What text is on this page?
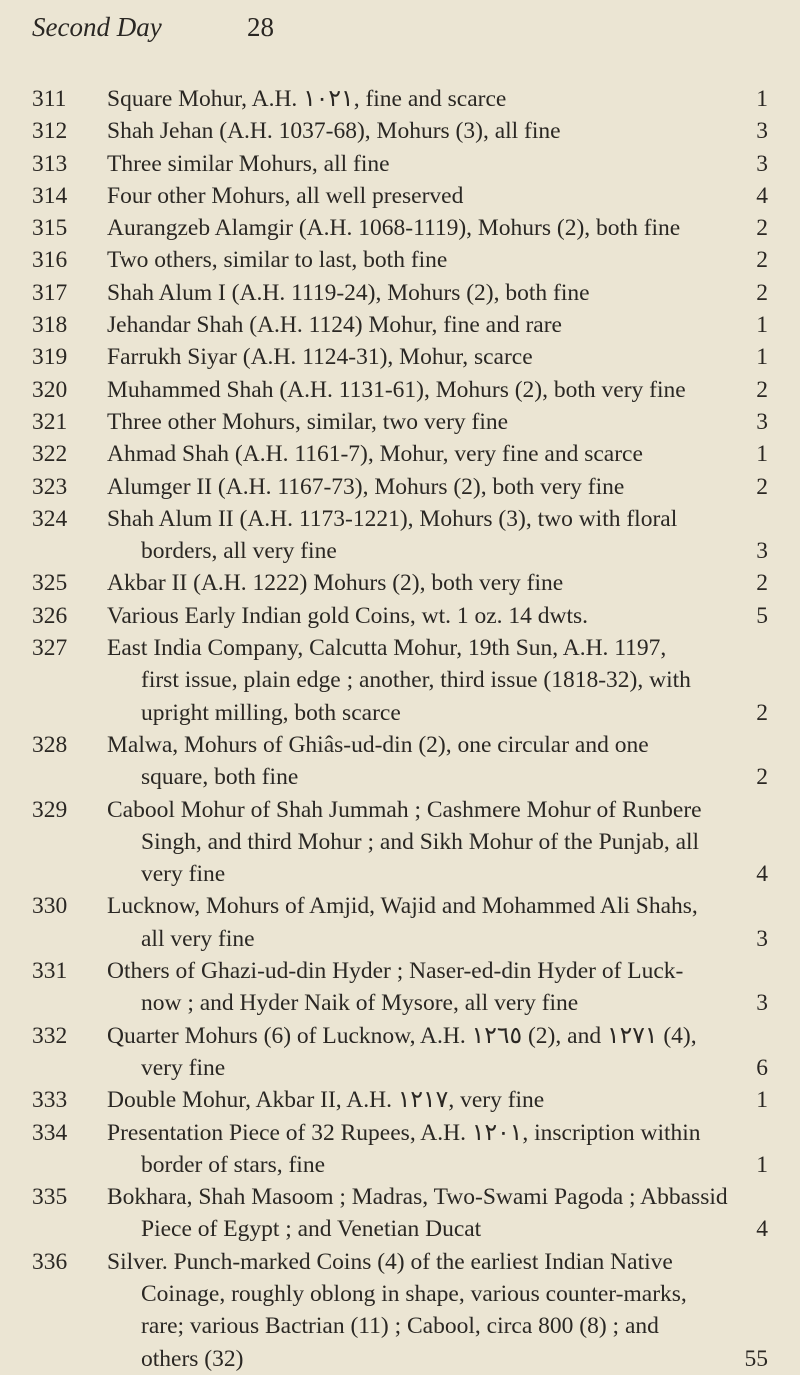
Second Day	28
311	Square Mohur, A.H. ١٠٢١, fine and scarce	1
312	Shah Jehan (A.H. 1037-68), Mohurs (3), all fine	3
313	Three similar Mohurs, all fine	3
314	Four other Mohurs, all well preserved	4
315	Aurangzeb Alamgir (A.H. 1068-1119), Mohurs (2), both fine	2
316	Two others, similar to last, both fine	2
317	Shah Alum I (A.H. 1119-24), Mohurs (2), both fine	2
318	Jehandar Shah (A.H. 1124) Mohur, fine and rare	1
319	Farrukh Siyar (A.H. 1124-31), Mohur, scarce	1
320	Muhammed Shah (A.H. 1131-61), Mohurs (2), both very fine	2
321	Three other Mohurs, similar, two very fine	3
322	Ahmad Shah (A.H. 1161-7), Mohur, very fine and scarce	1
323	Alumger II (A.H. 1167-73), Mohurs (2), both very fine	2
324	Shah Alum II (A.H. 1173-1221), Mohurs (3), two with floral
borders, all very fine	3
325	Akbar II (A.H. 1222) Mohurs (2), both very fine	2
326	Various Early Indian gold Coins, wt. 1 oz. 14 dwts.	5
327	East India Company, Calcutta Mohur, 19th Sun, A.H. 1197,
first issue, plain edge ; another, third issue (1818-32), with
upright milling, both scarce	2
328	Malwa, Mohurs of Ghiâs-ud-din (2), one circular and one
square, both fine	2
329	Cabool Mohur of Shah Jummah ; Cashmere Mohur of Runbere
Singh, and third Mohur ; and Sikh Mohur of the Punjab, all
very fine	4
330	Lucknow, Mohurs of Amjid, Wajid and Mohammed Ali Shahs,
all very fine	3
331	Others of Ghazi-ud-din Hyder ; Naser-ed-din Hyder of Luck-
now ; and Hyder Naik of Mysore, all very fine	3
332	Quarter Mohurs (6) of Lucknow, A.H. ١٢٦٥ (2), and ١٢٧١ (4),
very fine	6
333	Double Mohur, Akbar II, A.H. ١٢١٧, very fine	1
334	Presentation Piece of 32 Rupees, A.H. ١٢٠١, inscription within
border of stars, fine	1
335	Bokhara, Shah Masoom ; Madras, Two-Swami Pagoda ; Abbassid
Piece of Egypt ; and Venetian Ducat	4
336	Silver. Punch-marked Coins (4) of the earliest Indian Native
Coinage, roughly oblong in shape, various counter-marks,
rare; various Bactrian (11) ; Cabool, circa 800 (8) ; and
others (32)	55
